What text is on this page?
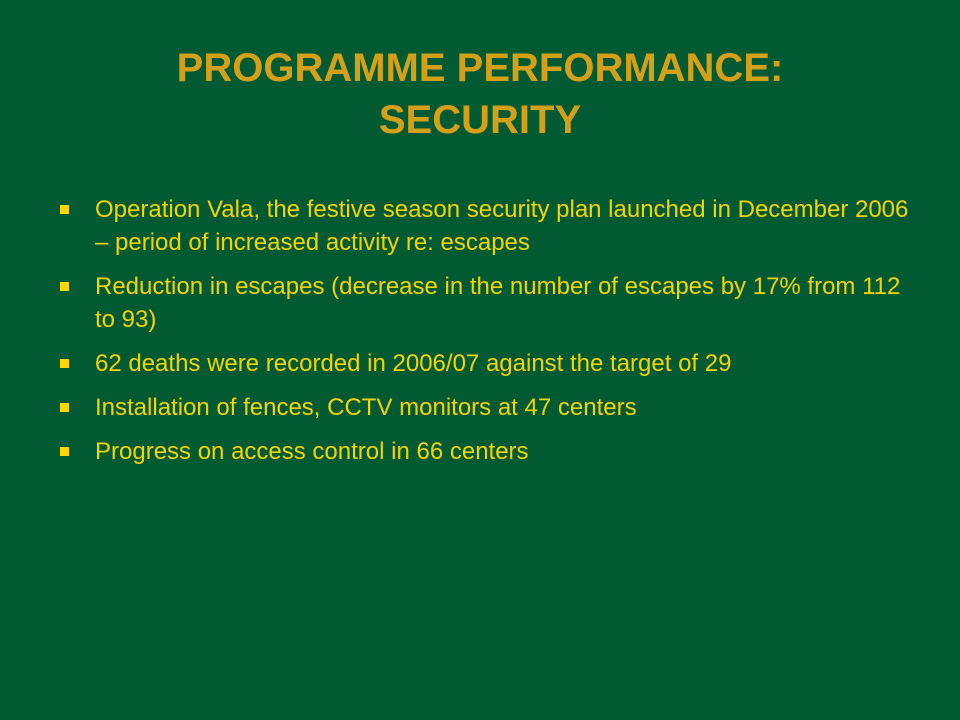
PROGRAMME PERFORMANCE:
SECURITY
Operation Vala, the festive season security plan launched in December 2006 – period of increased activity re: escapes
Reduction in escapes (decrease in the number of escapes by 17% from 112 to 93)
62 deaths were recorded in 2006/07 against the target of 29
Installation of fences, CCTV monitors at 47 centers
Progress on access control in 66 centers
